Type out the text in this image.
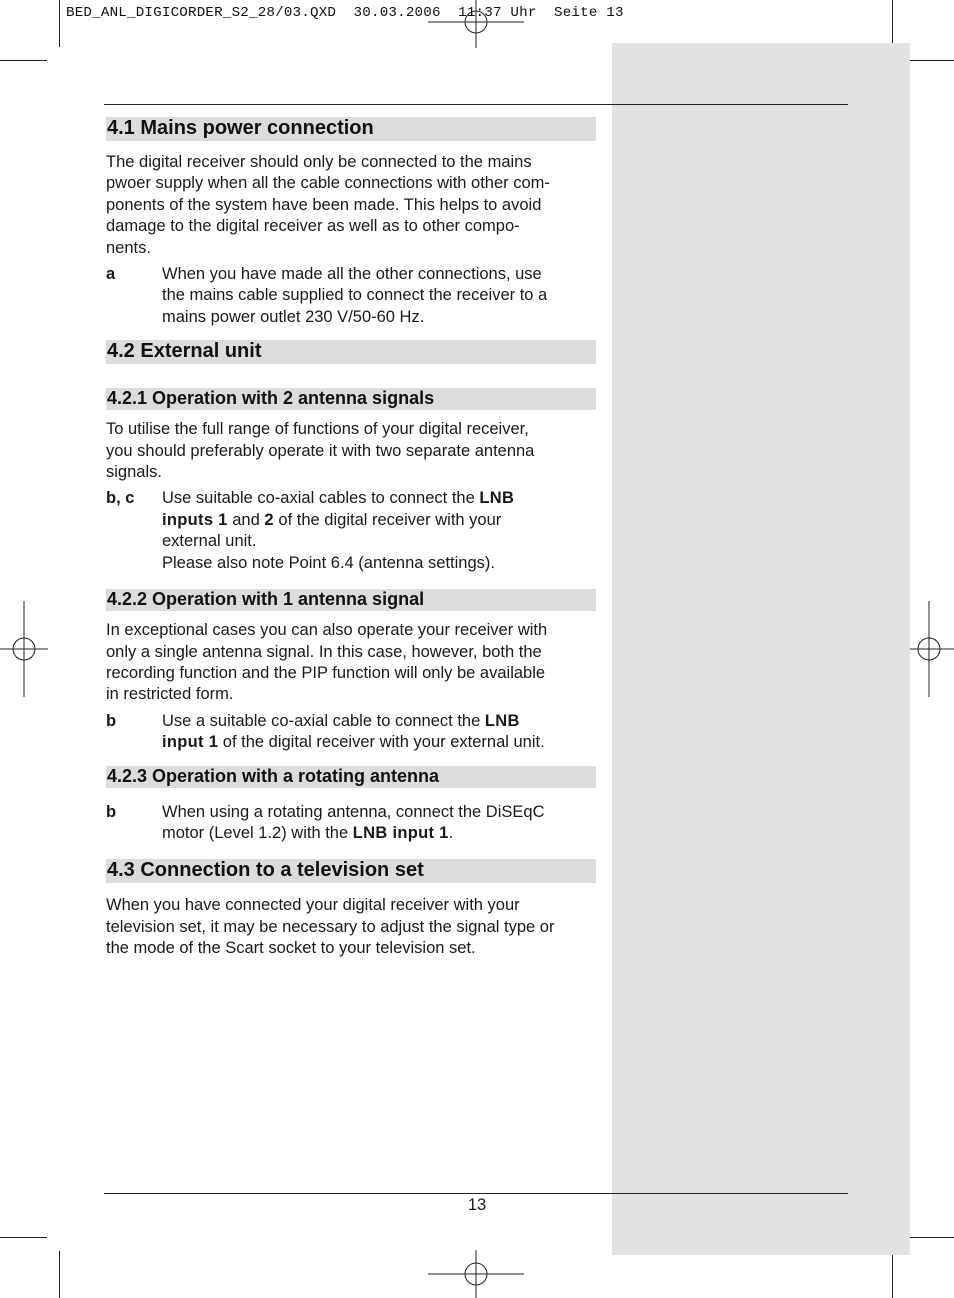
BED_ANL_DIGICORDER_S2_28/03.QXD  30.03.2006  11:37 Uhr  Seite 13
4.1 Mains power connection

The digital receiver should only be connected to the mains
pwoer supply when all the cable connections with other com-
ponents of the system have been made. This helps to avoid
damage to the digital receiver as well as to other compo-
nents.

a	When you have made all the other connections, use
the mains cable supplied to connect the receiver to a
mains power outlet 230 V/50-60 Hz.
4.2 External unit
4.2.1 Operation with 2 antenna signals

To utilise the full range of functions of your digital receiver,
you should preferably operate it with two separate antenna
signals.

b, c	Use suitable co-axial cables to connect the LNB
inputs 1 and 2 of the digital receiver with your
external unit.
Please also note Point 6.4 (antenna settings).
4.2.2 Operation with 1 antenna signal

In exceptional cases you can also operate your receiver with
only a single antenna signal. In this case, however, both the
recording function and the PIP function will only be available
in restricted form.

b	Use a suitable co-axial cable to connect the LNB
input 1 of the digital receiver with your external unit.
4.2.3 Operation with a rotating antenna
b	When using a rotating antenna, connect the DiSEqC
motor (Level 1.2) with the LNB input 1.
4.3 Connection to a television set

When you have connected your digital receiver with your
television set, it may be necessary to adjust the signal type or
the mode of the Scart socket to your television set.

13
